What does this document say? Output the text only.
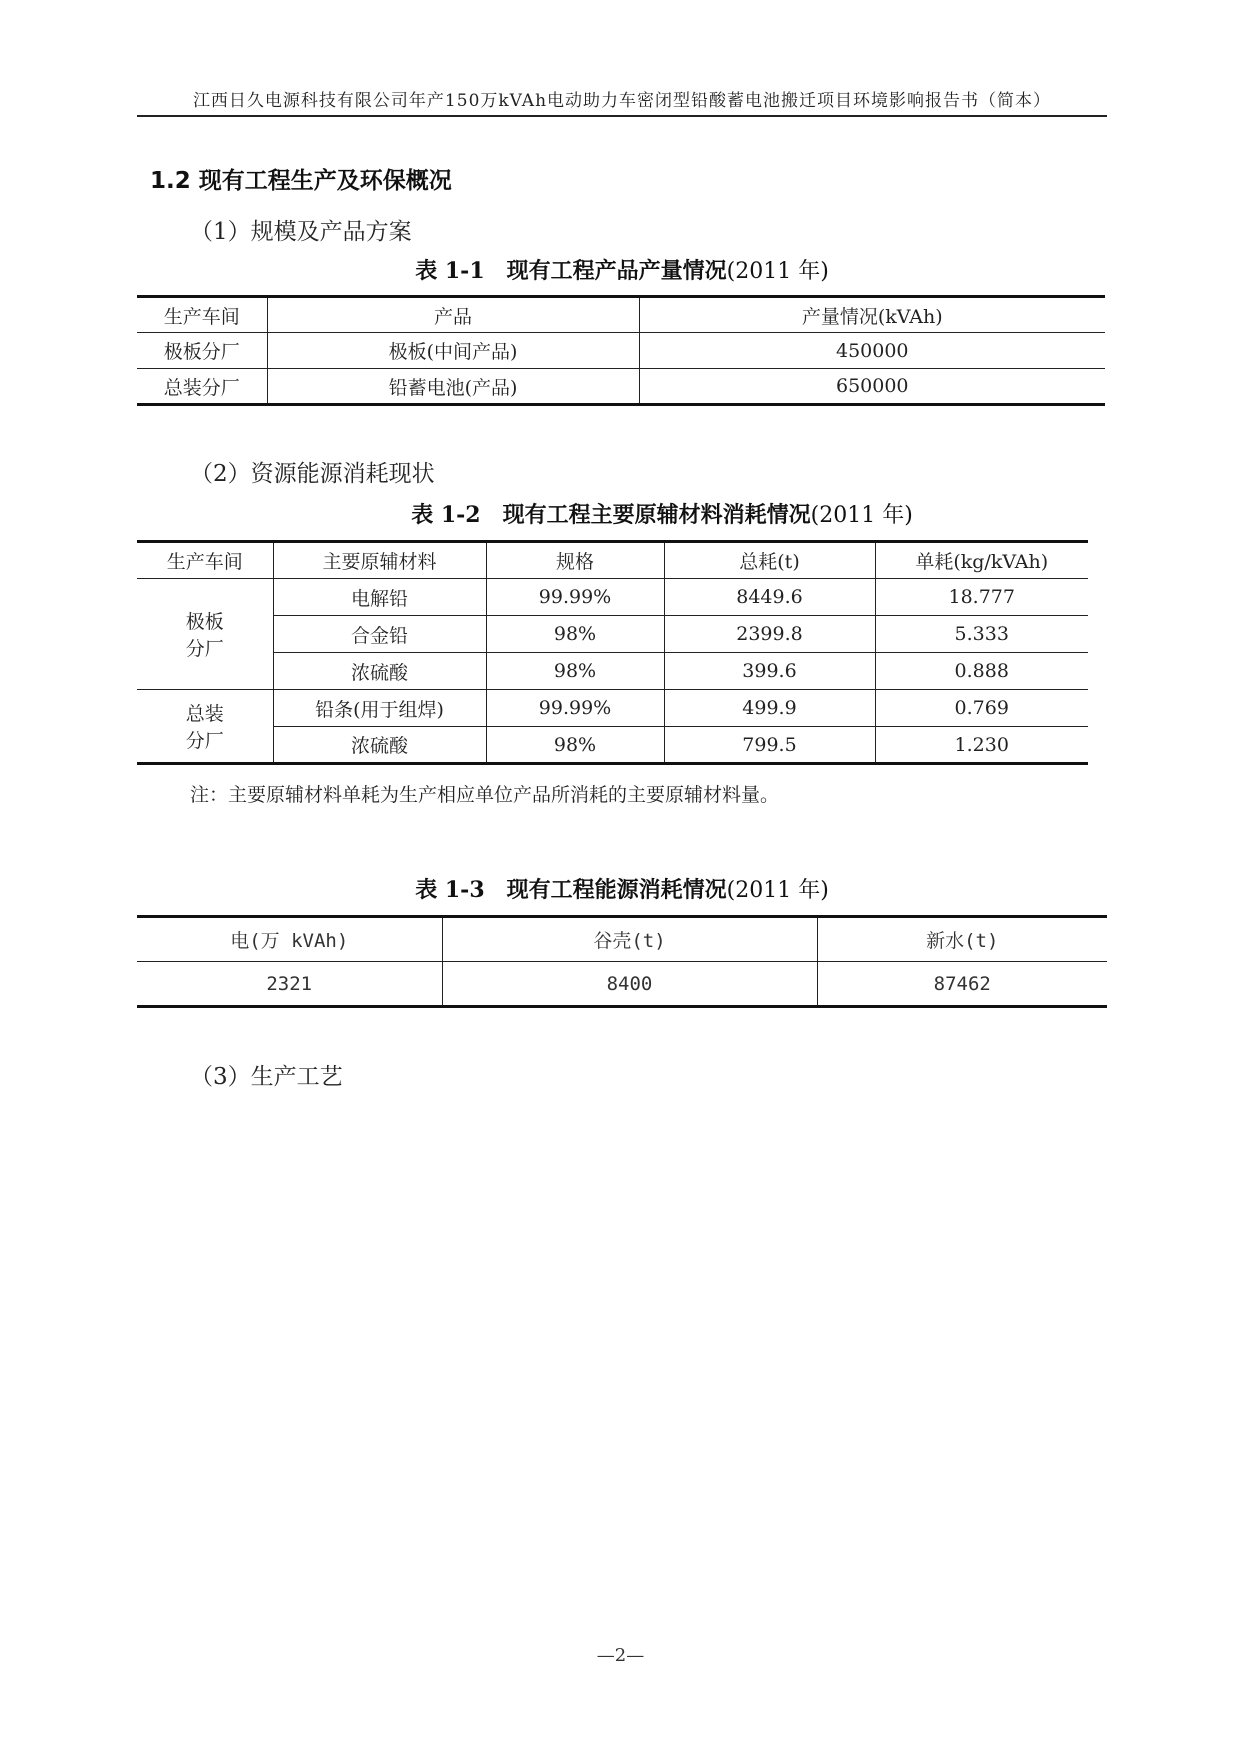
江西日久电源科技有限公司年产150万kVAh电动助力车密闭型铅酸蓄电池搬迁项目环境影响报告书（简本）
1.2 现有工程生产及环保概况
（1）规模及产品方案
表 1-1　现有工程产品产量情况(2011 年)
生产车间	产品	产量情况(kVAh)
极板分厂	极板(中间产品)	450000
总装分厂	铅蓄电池(产品)	650000
（2）资源能源消耗现状
表 1-2　现有工程主要原辅材料消耗情况(2011 年)
生产车间	主要原辅材料	规格	总耗(t)	单耗(kg/kVAh)

极板
分厂	电解铅	99.99%	8449.6	18.777
	合金铅	98%	2399.8	5.333
	浓硫酸	98%	399.6	0.888

总装
分厂	铅条(用于组焊)	99.99%	499.9	0.769
	浓硫酸	98%	799.5	1.230
注：主要原辅材料单耗为生产相应单位产品所消耗的主要原辅材料量。
表 1-3　现有工程能源消耗情况(2011 年)
电(万 kVAh)	谷壳(t)	新水(t)
2321	8400	87462
（3）生产工艺
—2—
